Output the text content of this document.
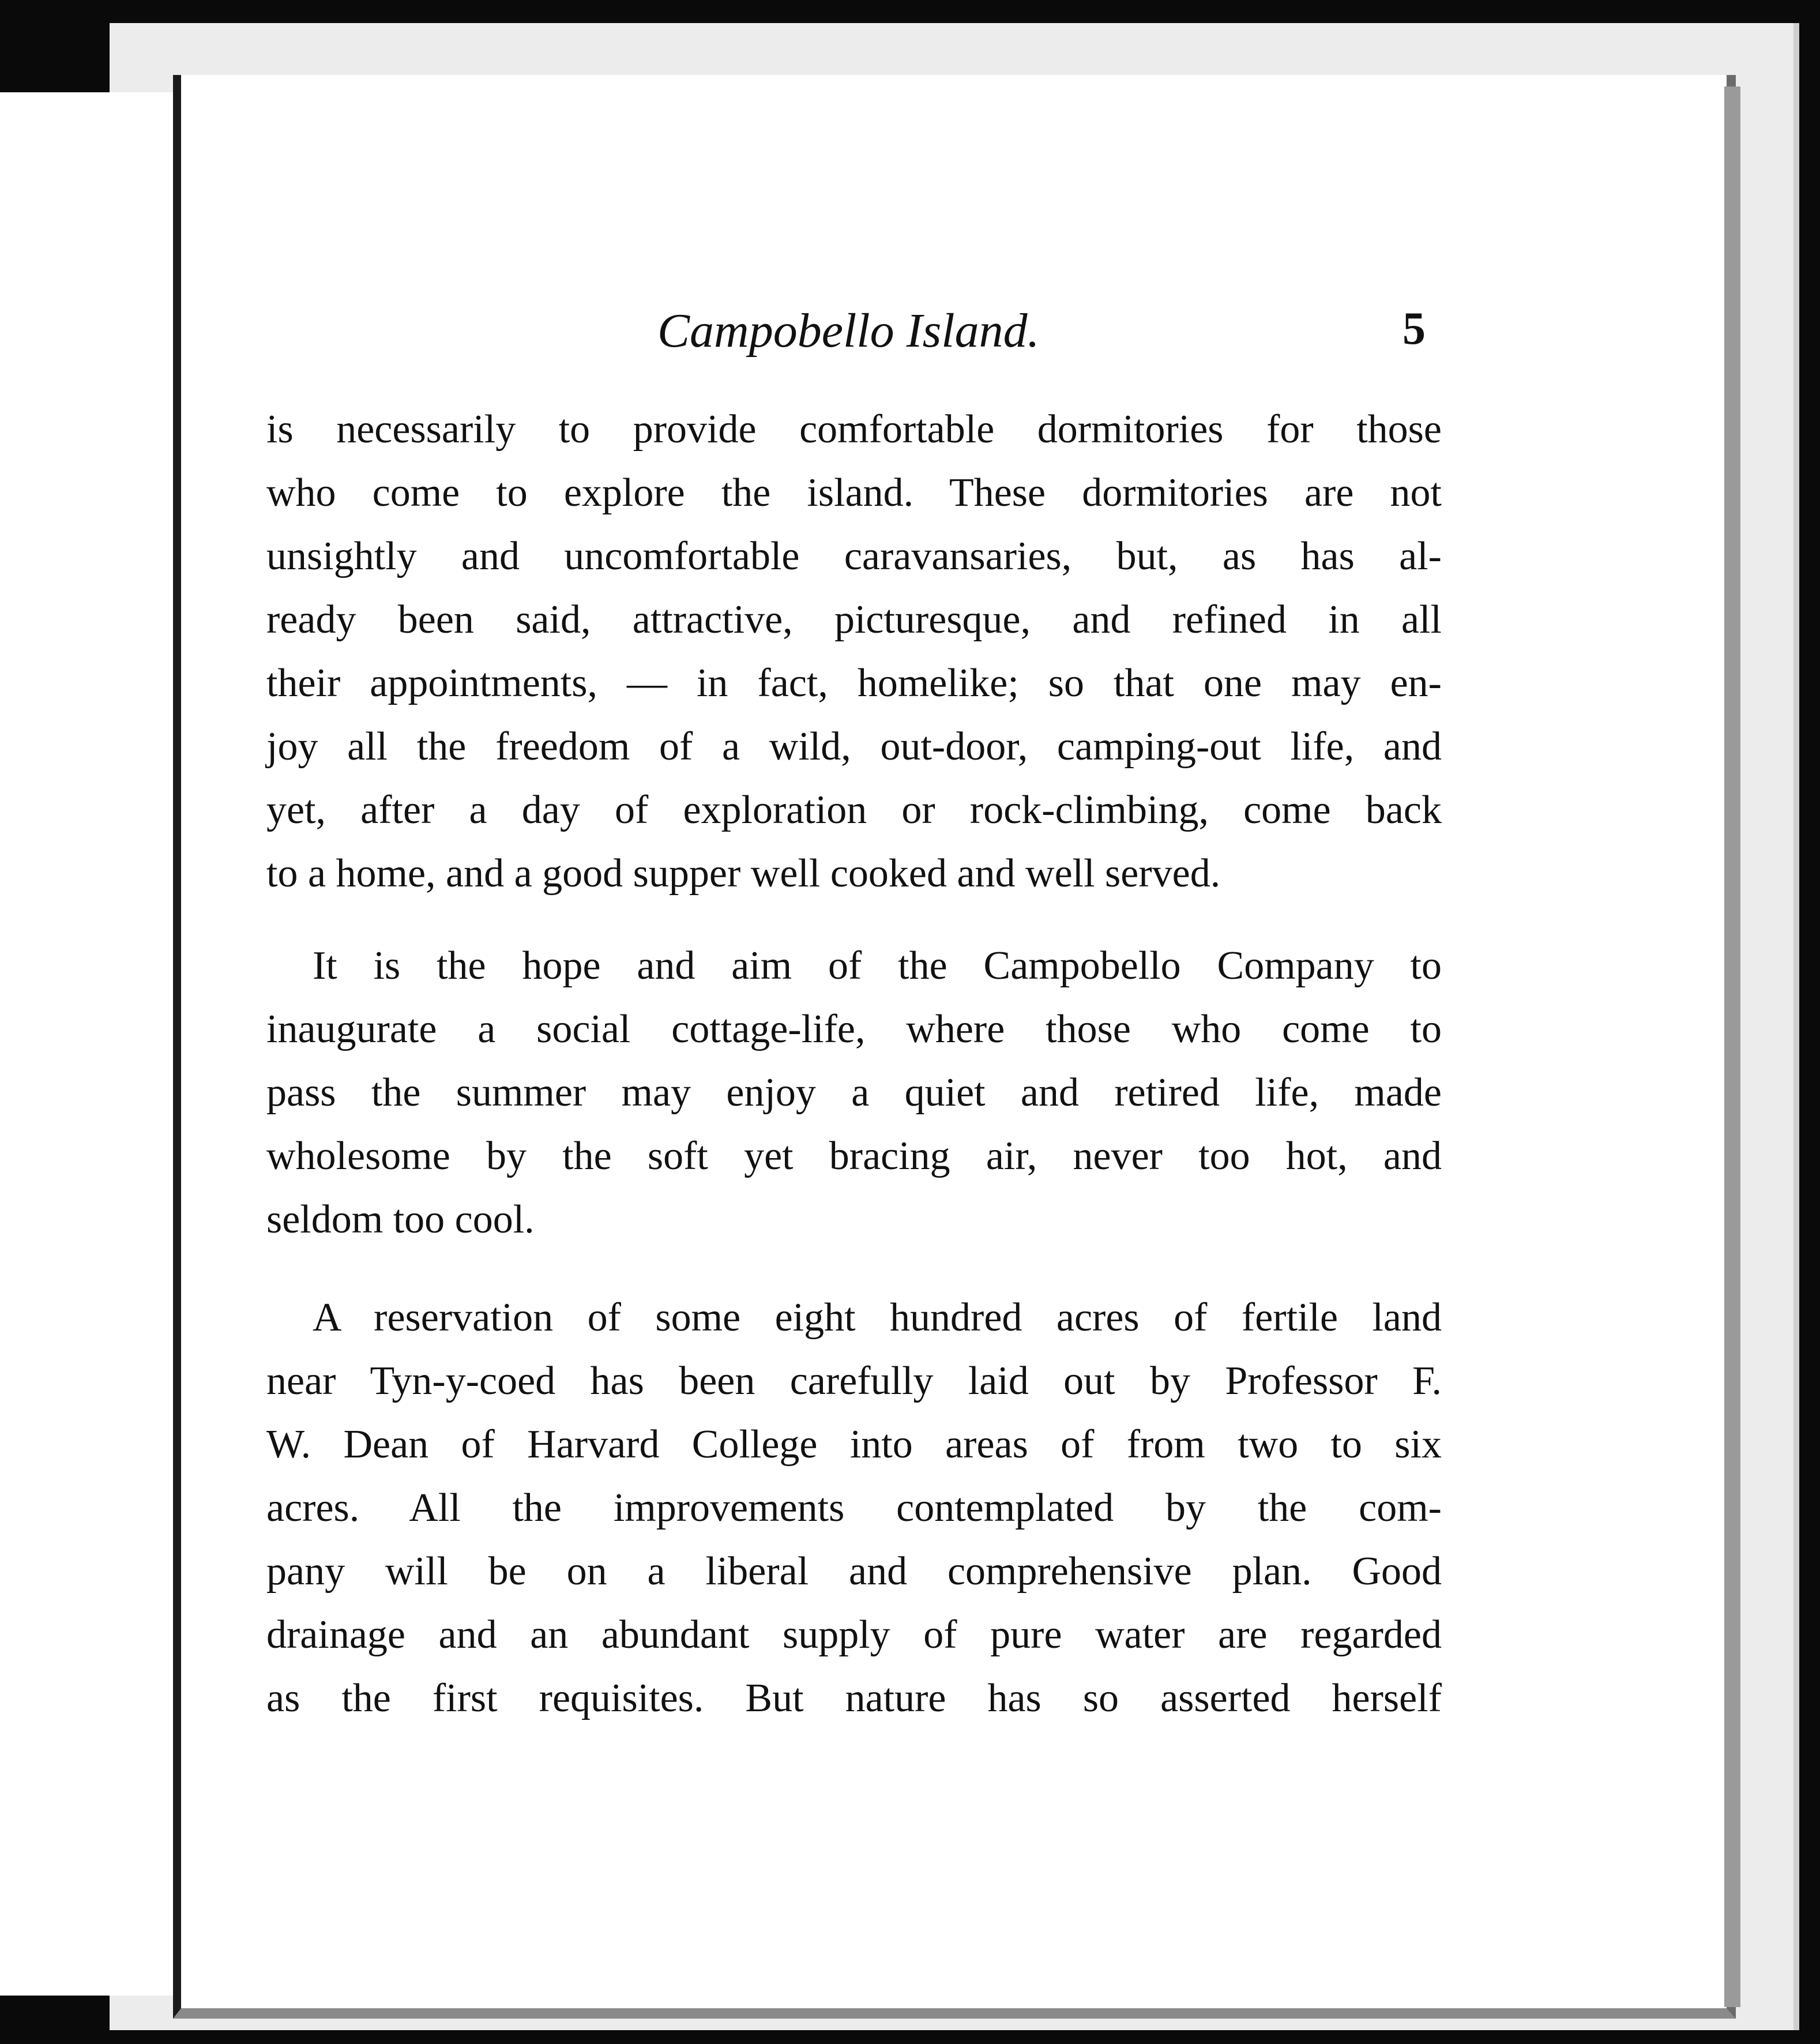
Campobello Island.	5
is necessarily to provide comfortable dormitories for those
who come to explore the island. These dormitories are not
unsightly and uncomfortable caravansaries, but, as has al-
ready been said, attractive, picturesque, and refined in all
their appointments, — in fact, homelike; so that one may en-
joy all the freedom of a wild, out-door, camping-out life, and
yet, after a day of exploration or rock-climbing, come back
to a home, and a good supper well cooked and well served.
It is the hope and aim of the Campobello Company to
inaugurate a social cottage-life, where those who come to
pass the summer may enjoy a quiet and retired life, made
wholesome by the soft yet bracing air, never too hot, and
seldom too cool.
A reservation of some eight hundred acres of fertile land
near Tyn-y-coed has been carefully laid out by Professor F.
W. Dean of Harvard College into areas of from two to six
acres. All the improvements contemplated by the com-
pany will be on a liberal and comprehensive plan. Good
drainage and an abundant supply of pure water are regarded
as the first requisites. But nature has so asserted herself
